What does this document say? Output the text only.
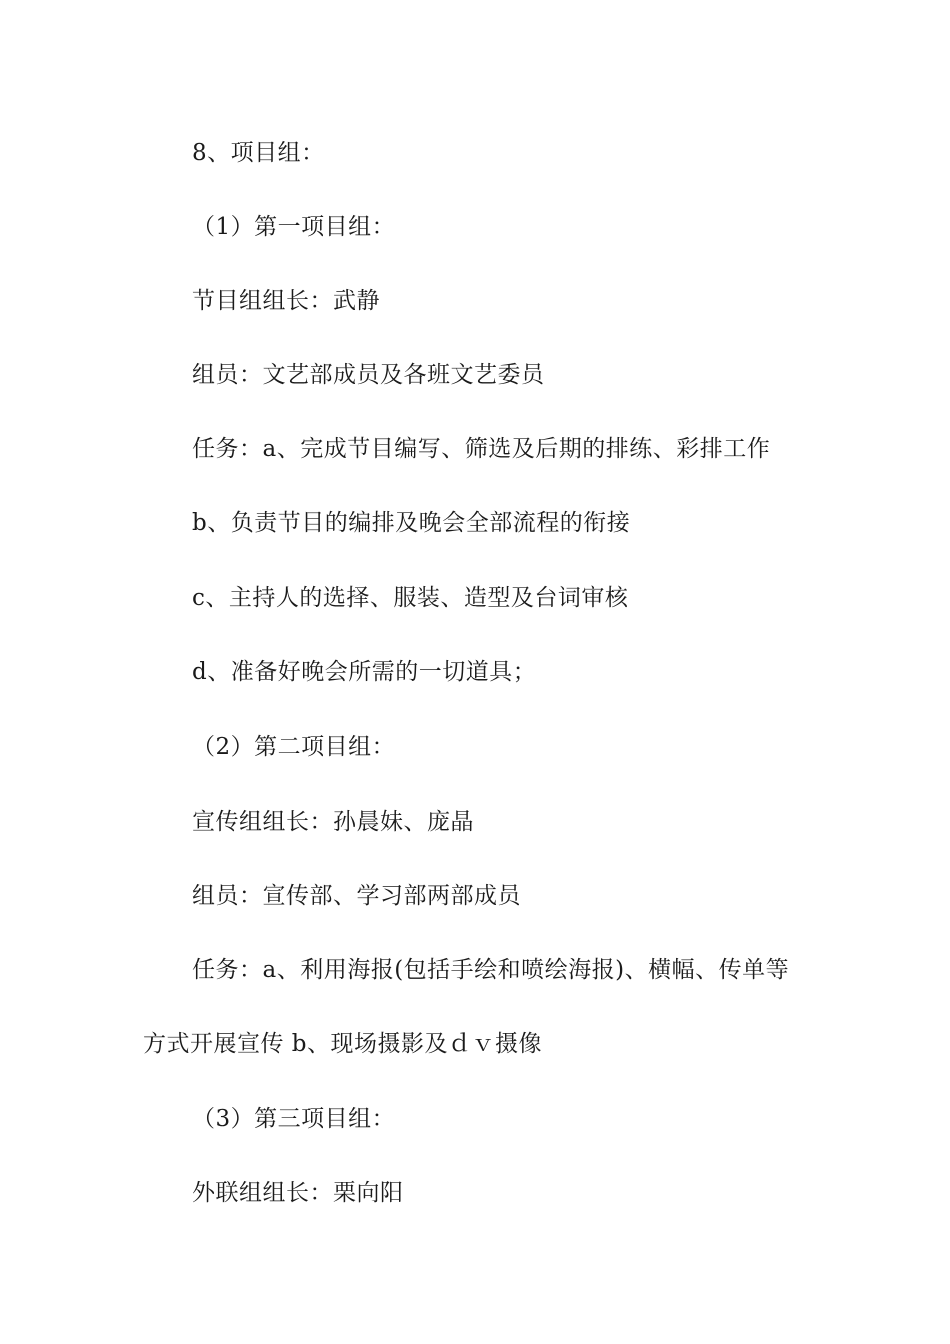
8、项目组：
（1）第一项目组：
节目组组长：武静
组员：文艺部成员及各班文艺委员
任务：a、完成节目编写、筛选及后期的排练、彩排工作
b、负责节目的编排及晚会全部流程的衔接
c、主持人的选择、服装、造型及台词审核
d、准备好晚会所需的一切道具；
（2）第二项目组：
宣传组组长：孙晨妹、庞晶
组员：宣传部、学习部两部成员
任务：a、利用海报(包括手绘和喷绘海报)、横幅、传单等
方式开展宣传 b、现场摄影及ｄｖ摄像
（3）第三项目组：
外联组组长：栗向阳
